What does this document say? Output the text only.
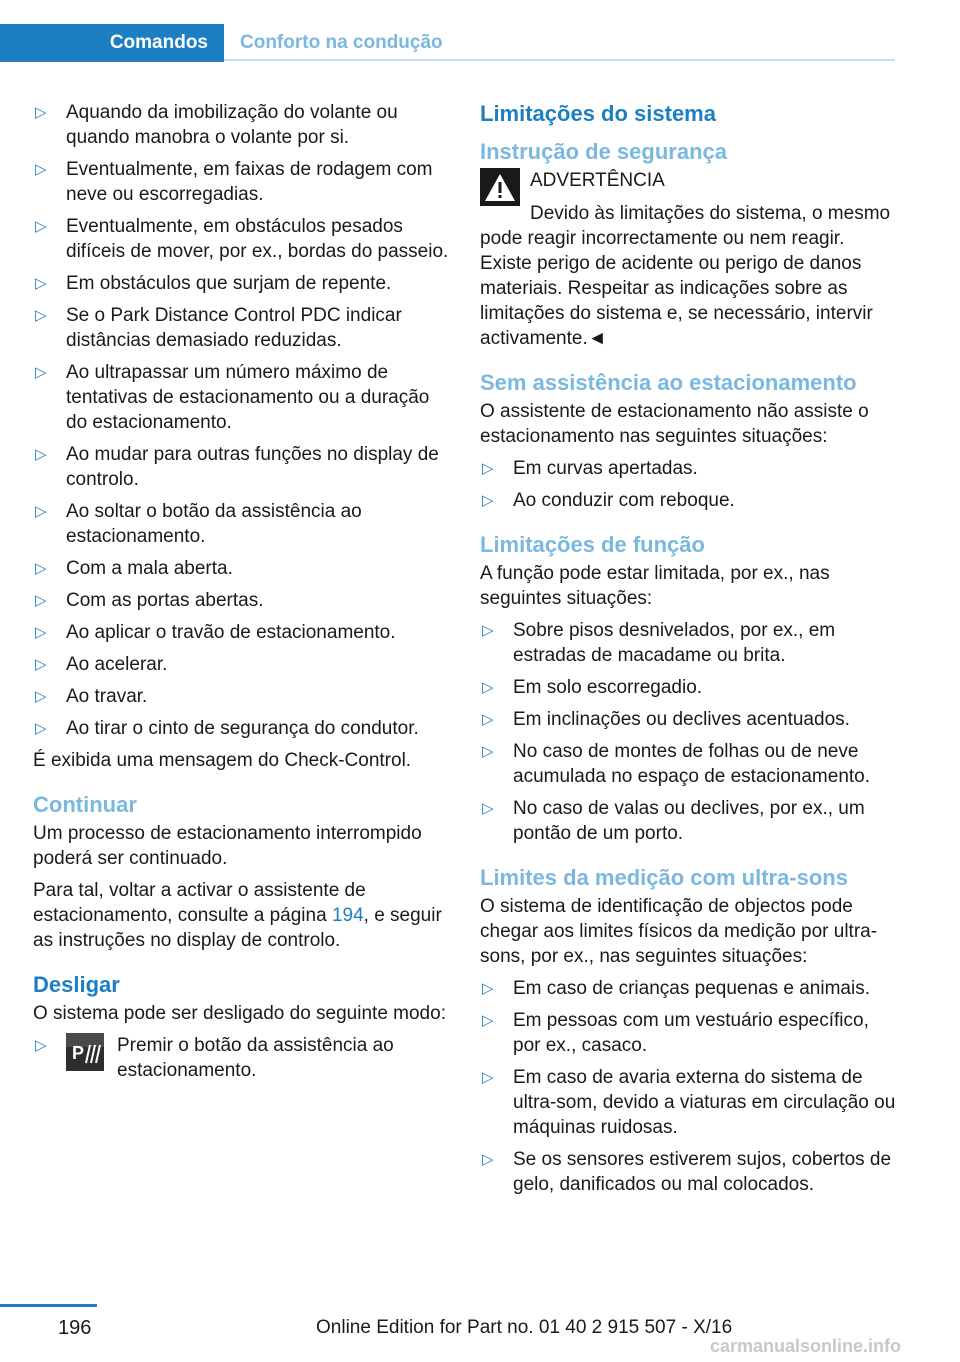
Comandos	Conforto na condução
▷ Aquando da imobilização do volante ou quando manobra o volante por si.
▷ Eventualmente, em faixas de rodagem com neve ou escorregadias.
▷ Eventualmente, em obstáculos pesados difíceis de mover, por ex., bordas do passeio.
▷ Em obstáculos que surjam de repente.
▷ Se o Park Distance Control PDC indicar distâncias demasiado reduzidas.
▷ Ao ultrapassar um número máximo de tentativas de estacionamento ou a duração do estacionamento.
▷ Ao mudar para outras funções no display de controlo.
▷ Ao soltar o botão da assistência ao estacionamento.
▷ Com a mala aberta.
▷ Com as portas abertas.
▷ Ao aplicar o travão de estacionamento.
▷ Ao acelerar.
▷ Ao travar.
▷ Ao tirar o cinto de segurança do condutor.

É exibida uma mensagem do Check-Control.

Continuar

Um processo de estacionamento interrompido poderá ser continuado.

Para tal, voltar a activar o assistente de estacionamento, consulte a página 194, e seguir as instruções no display de controlo.

Desligar

O sistema pode ser desligado do seguinte modo:

▷ P Premir o botão da assistência ao estacionamento.
Limitações do sistema
Instrução de segurança

ADVERTÊNCIA

Devido às limitações do sistema, o mesmo pode reagir incorrectamente ou nem reagir. Existe perigo de acidente ou perigo de danos materiais. Respeitar as indicações sobre as limitações do sistema e, se necessário, intervir activamente.◄

Sem assistência ao estacionamento

O assistente de estacionamento não assiste o estacionamento nas seguintes situações:

▷ Em curvas apertadas.
▷ Ao conduzir com reboque.
Limitações de função

A função pode estar limitada, por ex., nas seguintes situações:

▷ Sobre pisos desnivelados, por ex., em estradas de macadame ou brita.
▷ Em solo escorregadio.
▷ Em inclinações ou declives acentuados.
▷ No caso de montes de folhas ou de neve acumulada no espaço de estacionamento.
▷ No caso de valas ou declives, por ex., um pontão de um porto.
Limites da medição com ultra-sons

O sistema de identificação de objectos pode chegar aos limites físicos da medição por ultra-sons, por ex., nas seguintes situações:

▷ Em caso de crianças pequenas e animais.
▷ Em pessoas com um vestuário específico, por ex., casaco.
▷ Em caso de avaria externa do sistema de ultra-som, devido a viaturas em circulação ou máquinas ruidosas.
▷ Se os sensores estiverem sujos, cobertos de gelo, danificados ou mal colocados.
196	Online Edition for Part no. 01 40 2 915 507 - X/16
carmanualsonline.info
